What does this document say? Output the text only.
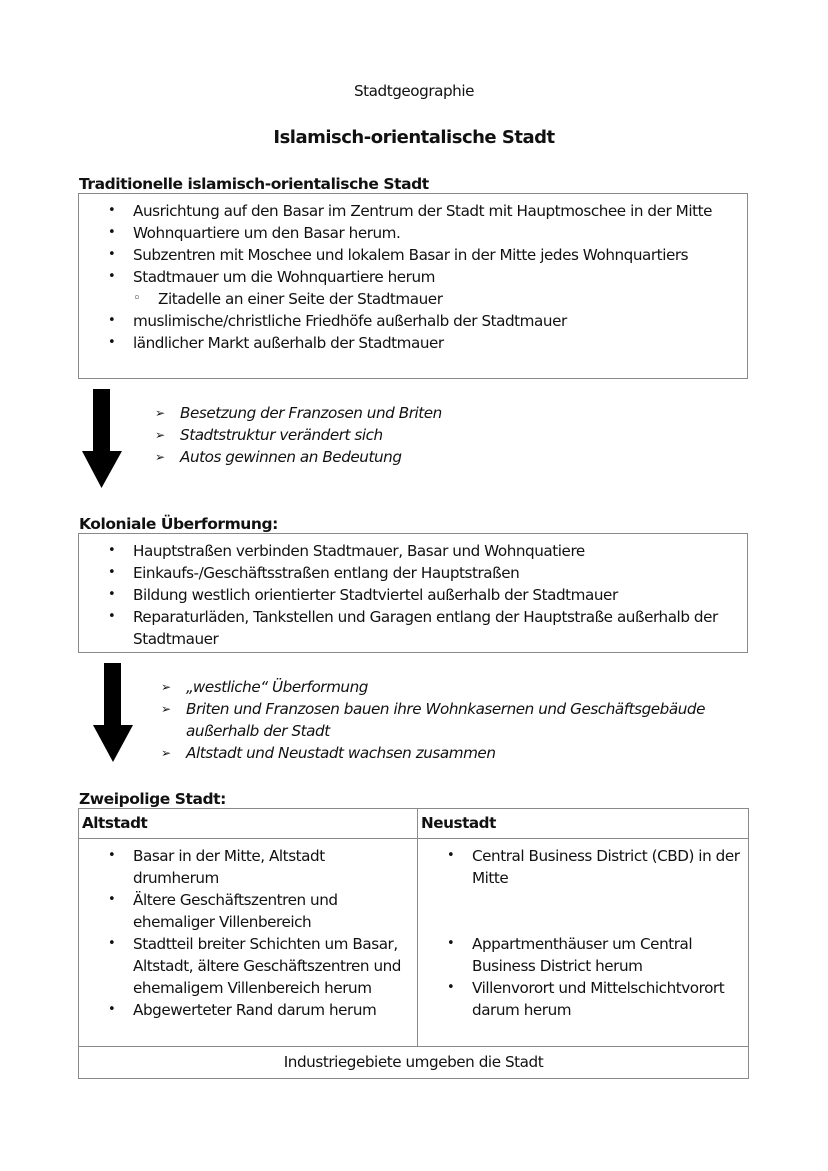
Stadtgeographie
Islamisch-orientalische Stadt
Traditionelle islamisch-orientalische Stadt
• Ausrichtung auf den Basar im Zentrum der Stadt mit Hauptmoschee in der Mitte
• Wohnquartiere um den Basar herum.
• Subzentren mit Moschee und lokalem Basar in der Mitte jedes Wohnquartiers
• Stadtmauer um die Wohnquartiere herum
◦ Zitadelle an einer Seite der Stadtmauer
• muslimische/christliche Friedhöfe außerhalb der Stadtmauer
• ländlicher Markt außerhalb der Stadtmauer
➢ Besetzung der Franzosen und Briten
➢ Stadtstruktur verändert sich
➢ Autos gewinnen an Bedeutung
Koloniale Überformung:
• Hauptstraßen verbinden Stadtmauer, Basar und Wohnquatiere
• Einkaufs-/Geschäftsstraßen entlang der Hauptstraßen
• Bildung westlich orientierter Stadtviertel außerhalb der Stadtmauer
• Reparaturläden, Tankstellen und Garagen entlang der Hauptstraße außerhalb der Stadtmauer
➢ „westliche“ Überformung
➢ Briten und Franzosen bauen ihre Wohnkasernen und Geschäftsgebäude außerhalb der Stadt
➢ Altstadt und Neustadt wachsen zusammen
Zweipolige Stadt:
Altstadt	Neustadt

• Basar in der Mitte, Altstadt drumherum
• Ältere Geschäftszentren und ehemaliger Villenbereich
• Stadtteil breiter Schichten um Basar, Altstadt, ältere Geschäftszentren und ehemaligem Villenbereich herum
• Abgewerteter Rand darum herum

• Central Business District (CBD) in der Mitte
• Appartmenthäuser um Central Business District herum
• Villenvorort und Mittelschichtvorort darum herum

Industriegebiete umgeben die Stadt	
